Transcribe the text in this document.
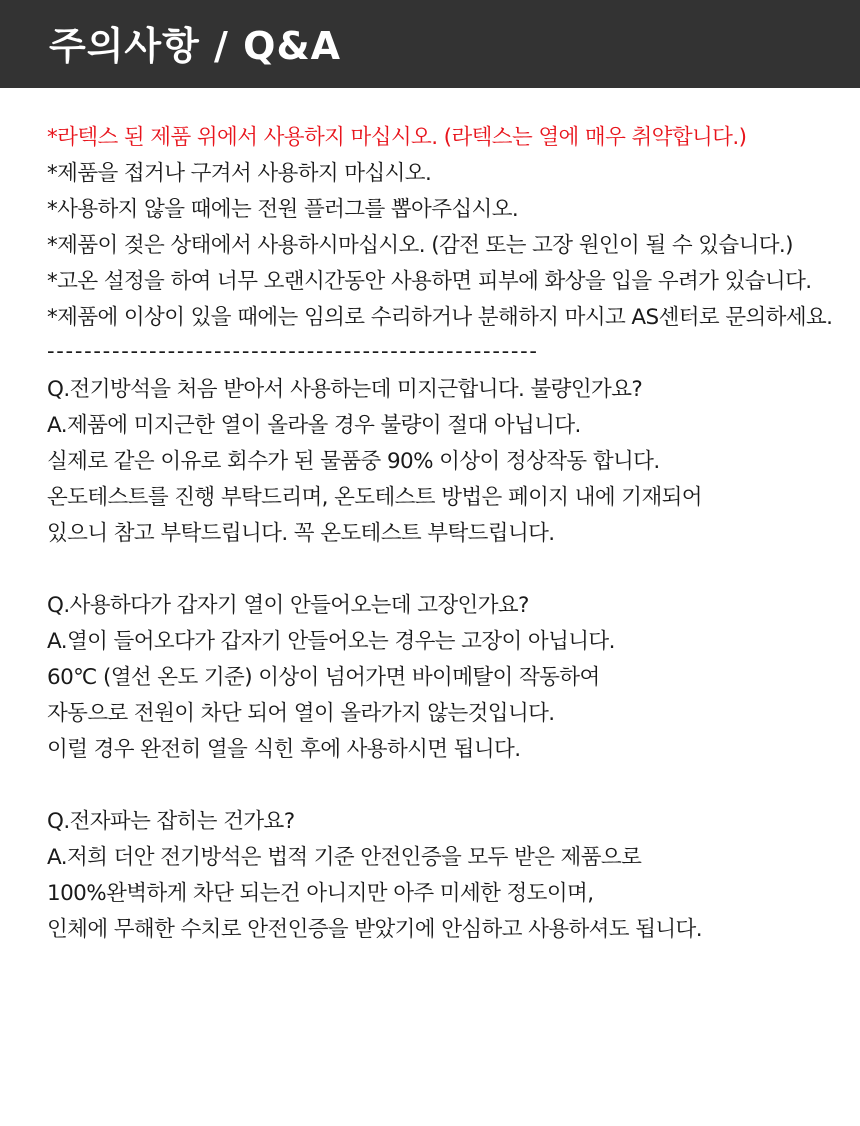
주의사항 / Q&A
*라텍스 된 제품 위에서 사용하지 마십시오. (라텍스는 열에 매우 취약합니다.)
*제품을 접거나 구겨서 사용하지 마십시오.
*사용하지 않을 때에는 전원 플러그를 뽑아주십시오.
*제품이 젖은 상태에서 사용하시마십시오. (감전 또는 고장 원인이 될 수 있습니다.)
*고온 설정을 하여 너무 오랜시간동안 사용하면 피부에 화상을 입을 우려가 있습니다.
*제품에 이상이 있을 때에는 임의로 수리하거나 분해하지 마시고 AS센터로 문의하세요.
-----------------------------------------------------
Q.전기방석을 처음 받아서 사용하는데 미지근합니다. 불량인가요?
A.제품에 미지근한 열이 올라올 경우 불량이 절대 아닙니다.
실제로 같은 이유로 회수가 된 물품중 90% 이상이 정상작동 합니다.
온도테스트를 진행 부탁드리며, 온도테스트 방법은 페이지 내에 기재되어
있으니 참고 부탁드립니다. 꼭 온도테스트 부탁드립니다.
Q.사용하다가 갑자기 열이 안들어오는데 고장인가요?
A.열이 들어오다가 갑자기 안들어오는 경우는 고장이 아닙니다.
60℃ (열선 온도 기준) 이상이 넘어가면 바이메탈이 작동하여
자동으로 전원이 차단 되어 열이 올라가지 않는것입니다.
이럴 경우 완전히 열을 식힌 후에 사용하시면 됩니다.
Q.전자파는 잡히는 건가요?
A.저희 더안 전기방석은 법적 기준 안전인증을 모두 받은 제품으로
100%완벽하게 차단 되는건 아니지만 아주 미세한 정도이며,
인체에 무해한 수치로 안전인증을 받았기에 안심하고 사용하셔도 됩니다.
